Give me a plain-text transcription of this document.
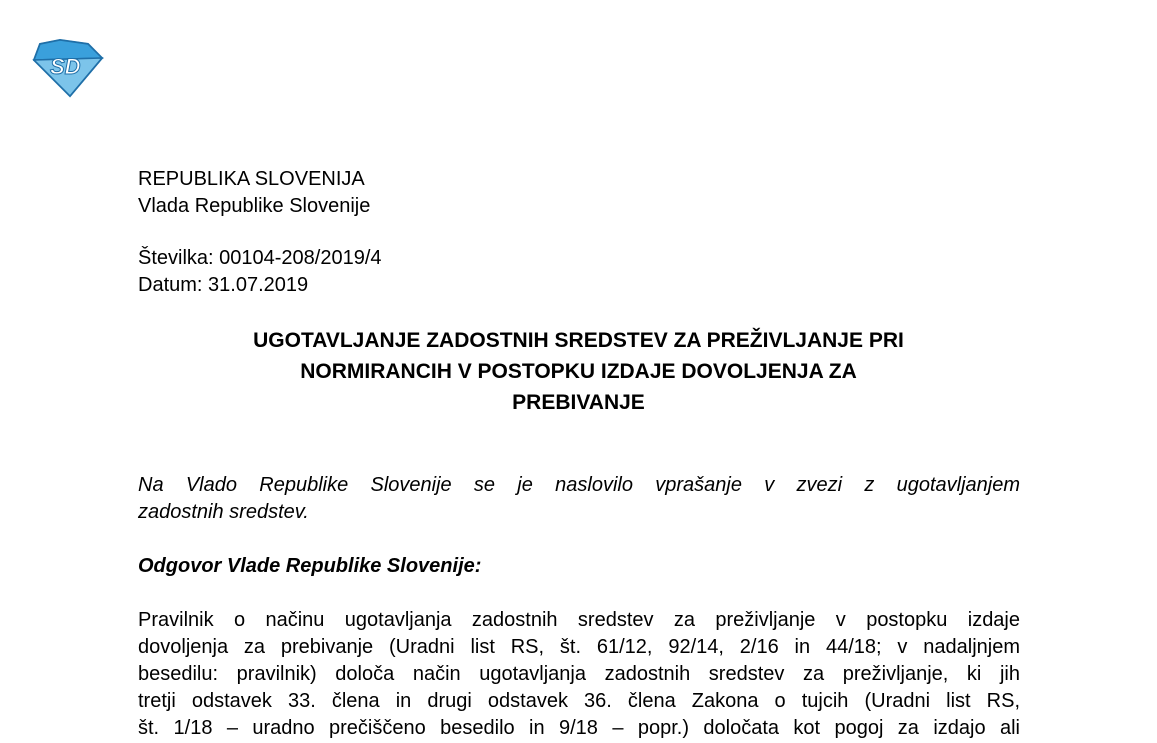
SD
REPUBLIKA SLOVENIJA
Vlada Republike Slovenije
Številka: 00104-208/2019/4
Datum: 31.07.2019
UGOTAVLJANJE ZADOSTNIH SREDSTEV ZA PREŽIVLJANJE PRI
NORMIRANCIH V POSTOPKU IZDAJE DOVOLJENJA ZA
PREBIVANJE
Na Vlado Republike Slovenije se je naslovilo vprašanje v zvezi z ugotavljanjem
zadostnih sredstev.
Odgovor Vlade Republike Slovenije:
Pravilnik o načinu ugotavljanja zadostnih sredstev za preživljanje v postopku izdaje
dovoljenja za prebivanje (Uradni list RS, št. 61/12, 92/14, 2/16 in 44/18; v nadaljnjem
besedilu: pravilnik) določa način ugotavljanja zadostnih sredstev za preživljanje, ki jih
tretji odstavek 33. člena in drugi odstavek 36. člena Zakona o tujcih (Uradni list RS,
št. 1/18 – uradno prečiščeno besedilo in 9/18 – popr.) določata kot pogoj za izdajo ali
